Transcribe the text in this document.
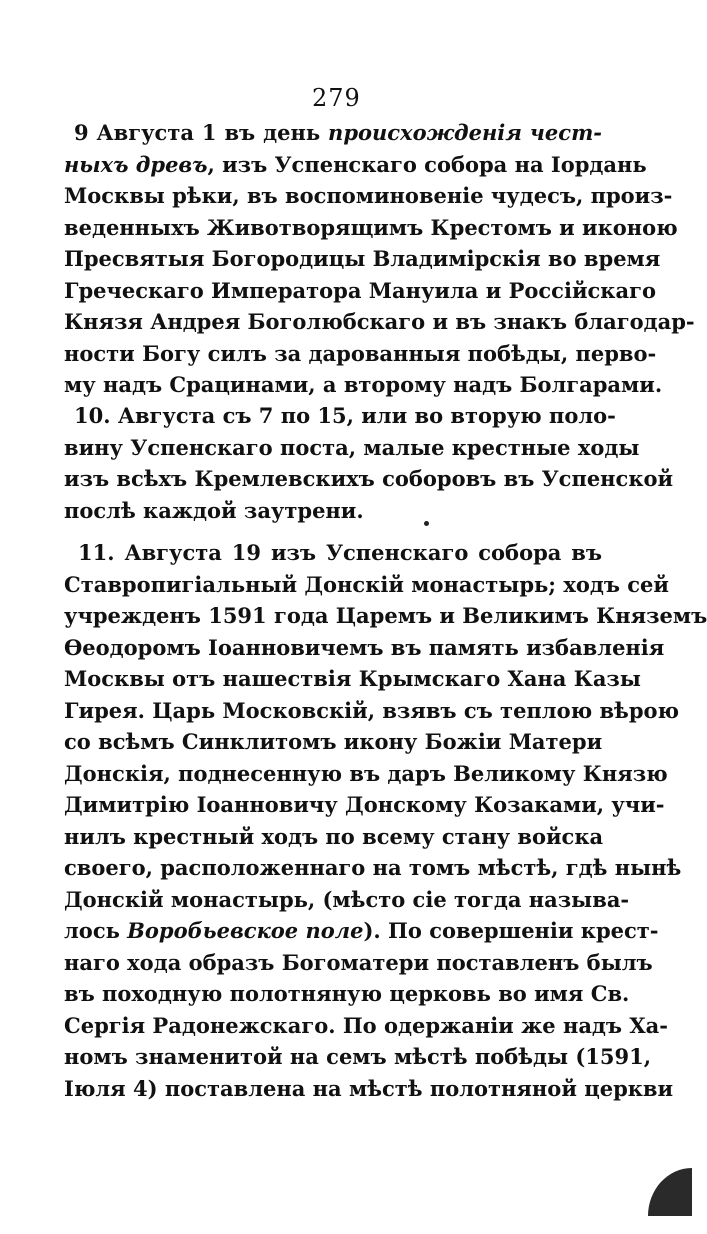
279
9 Августа 1 въ день происхожденія чест-
ныхъ древъ, изъ Успенскаго собора на Іордань
Москвы рѣки, въ воспоминовеніе чудесъ, произ-
веденныхъ Животворящимъ Крестомъ и иконою
Пресвятыя Богородицы Владимірскія во время
Греческаго Императора Мануила и Россійскаго
Князя Андрея Боголюбскаго и въ знакъ благодар-
ности Богу силъ за дарованныя побѣды, перво-
му надъ Срацинами, а второму надъ Болгарами.
10. Августа съ 7 по 15, или во вторую поло-
вину Успенскаго поста, малые крестные ходы
изъ всѣхъ Кремлевскихъ соборовъ въ Успенской
послѣ каждой заутрени.
11. Августа 19 изъ Успенскаго собора въ
Ставропигіальный Донскій монастырь; ходъ сей
учрежденъ 1591 года Царемъ и Великимъ Княземъ
Ѳеодоромъ Іоанновичемъ въ память избавленія
Москвы отъ нашествія Крымскаго Хана Казы
Гирея. Царь Московскій, взявъ съ теплою вѣрою
со всѣмъ Синклитомъ икону Божіи Матери
Донскія, поднесенную въ даръ Великому Князю
Димитрію Іоанновичу Донскому Козаками, учи-
нилъ крестный ходъ по всему стану войска
своего, расположеннаго на томъ мѣстѣ, гдѣ нынѣ
Донскій монастырь, (мѣсто сіе тогда называ-
лось Воробьевское поле). По совершеніи крест-
наго хода образъ Богоматери поставленъ былъ
въ походную полотняную церковь во имя Св.
Сергія Радонежскаго. По одержаніи же надъ Ха-
номъ знаменитой на семъ мѣстѣ побѣды (1591,
Іюля 4) поставлена на мѣстѣ полотняной церкви
